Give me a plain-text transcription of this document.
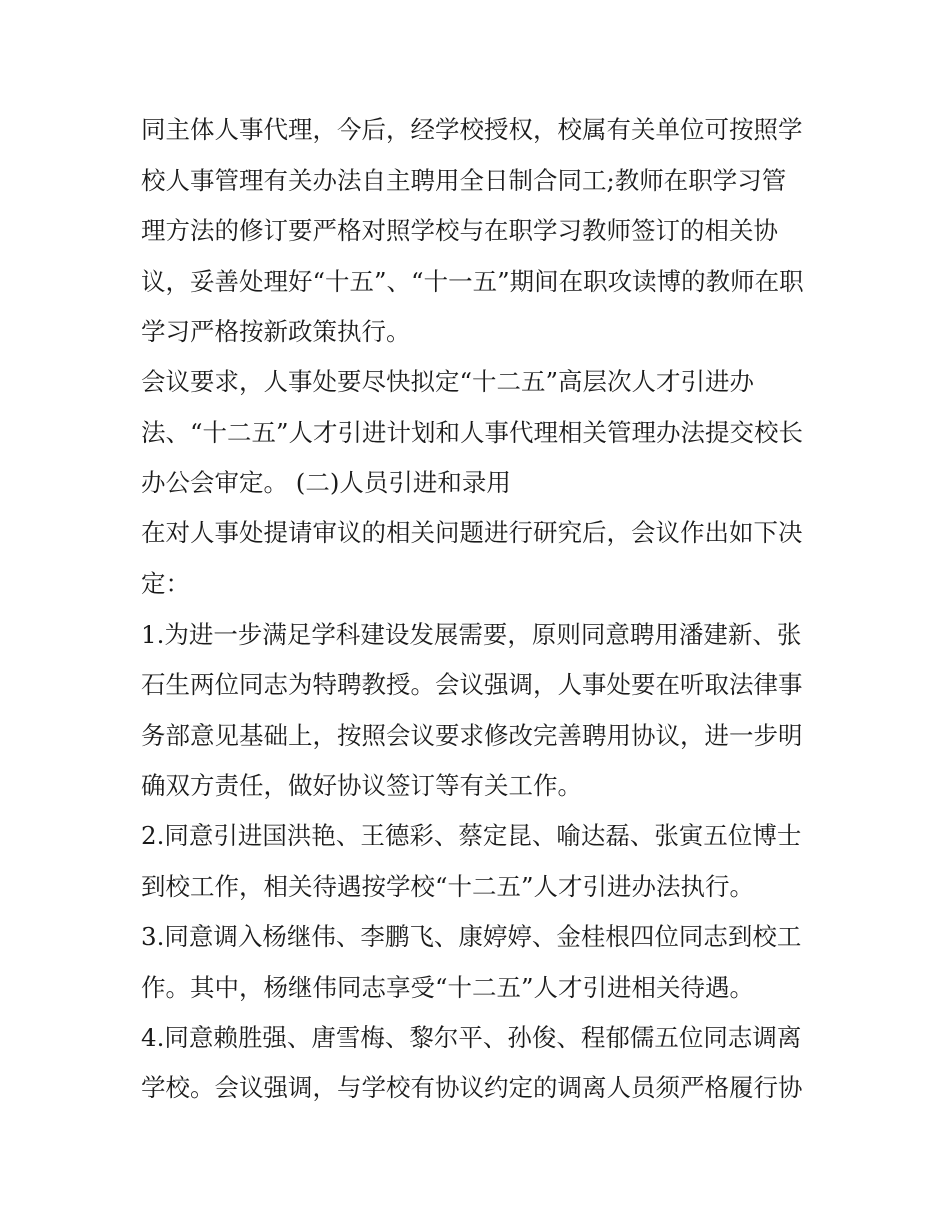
同主体人事代理，今后，经学校授权，校属有关单位可按照学
校人事管理有关办法自主聘用全日制合同工;教师在职学习管
理方法的修订要严格对照学校与在职学习教师签订的相关协
议，妥善处理好“十五”、“十一五”期间在职攻读博的教师在职
学习严格按新政策执行。
会议要求，人事处要尽快拟定“十二五”高层次人才引进办
法、“十二五”人才引进计划和人事代理相关管理办法提交校长
办公会审定。 (二)人员引进和录用
在对人事处提请审议的相关问题进行研究后，会议作出如下决
定：
1.为进一步满足学科建设发展需要，原则同意聘用潘建新、张
石生两位同志为特聘教授。会议强调，人事处要在听取法律事
务部意见基础上，按照会议要求修改完善聘用协议，进一步明
确双方责任，做好协议签订等有关工作。
2.同意引进国洪艳、王德彩、蔡定昆、喻达磊、张寅五位博士
到校工作，相关待遇按学校“十二五”人才引进办法执行。
3.同意调入杨继伟、李鹏飞、康婷婷、金桂根四位同志到校工
作。其中，杨继伟同志享受“十二五”人才引进相关待遇。
4.同意赖胜强、唐雪梅、黎尔平、孙俊、程郁儒五位同志调离
学校。会议强调，与学校有协议约定的调离人员须严格履行协
